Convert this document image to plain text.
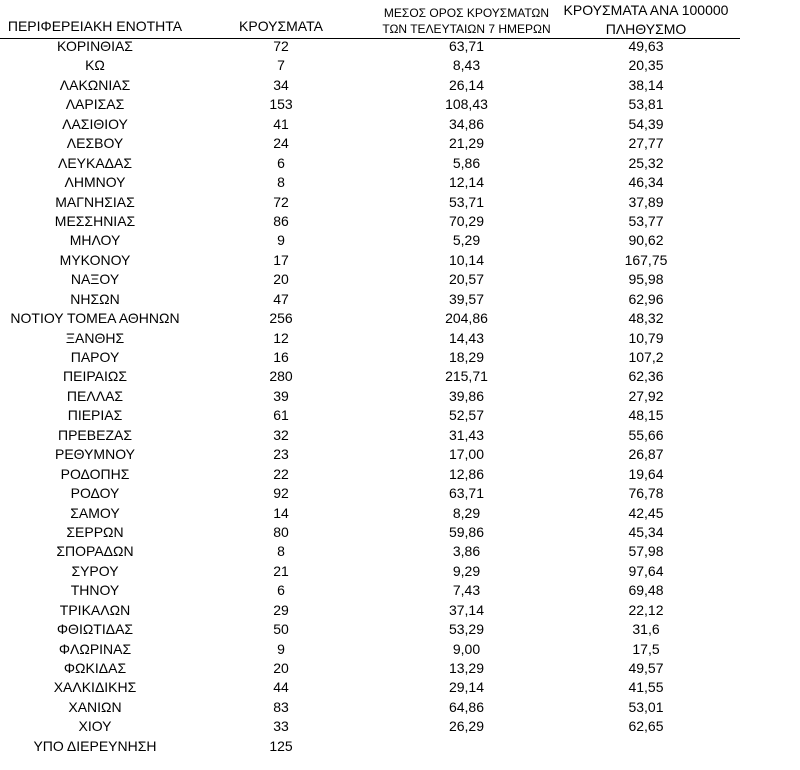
ΠΕΡΙΦΕΡΕΙΑΚΗ ΕΝΟΤΗΤΑ	ΚΡΟΥΣΜΑΤΑ
ΜΕΣΟΣ ΟΡΟΣ ΚΡΟΥΣΜΑΤΩΝ
ΤΩΝ ΤΕΛΕΥΤΑΙΩΝ 7 ΗΜΕΡΩΝ
ΚΡΟΥΣΜΑΤΑ ΑΝΑ 100000
ΠΛΗΘΥΣΜΟ
ΚΟΡΙΝΘΙΑΣ	72	63,71	49,63
ΚΩ	7	8,43	20,35
ΛΑΚΩΝΙΑΣ	34	26,14	38,14
ΛΑΡΙΣΑΣ	153	108,43	53,81
ΛΑΣΙΘΙΟΥ	41	34,86	54,39
ΛΕΣΒΟΥ	24	21,29	27,77
ΛΕΥΚΑΔΑΣ	6	5,86	25,32
ΛΗΜΝΟΥ	8	12,14	46,34
ΜΑΓΝΗΣΙΑΣ	72	53,71	37,89
ΜΕΣΣΗΝΙΑΣ	86	70,29	53,77
ΜΗΛΟΥ	9	5,29	90,62
ΜΥΚΟΝΟΥ	17	10,14	167,75
ΝΑΞΟΥ	20	20,57	95,98
ΝΗΣΩΝ	47	39,57	62,96
ΝΟΤΙΟΥ ΤΟΜΕΑ ΑΘΗΝΩΝ	256	204,86	48,32
ΞΑΝΘΗΣ	12	14,43	10,79
ΠΑΡΟΥ	16	18,29	107,2
ΠΕΙΡΑΙΩΣ	280	215,71	62,36
ΠΕΛΛΑΣ	39	39,86	27,92
ΠΙΕΡΙΑΣ	61	52,57	48,15
ΠΡΕΒΕΖΑΣ	32	31,43	55,66
ΡΕΘΥΜΝΟΥ	23	17,00	26,87
ΡΟΔΟΠΗΣ	22	12,86	19,64
ΡΟΔΟΥ	92	63,71	76,78
ΣΑΜΟΥ	14	8,29	42,45
ΣΕΡΡΩΝ	80	59,86	45,34
ΣΠΟΡΑΔΩΝ	8	3,86	57,98
ΣΥΡΟΥ	21	9,29	97,64
ΤΗΝΟΥ	6	7,43	69,48
ΤΡΙΚΑΛΩΝ	29	37,14	22,12
ΦΘΙΩΤΙΔΑΣ	50	53,29	31,6
ΦΛΩΡΙΝΑΣ	9	9,00	17,5
ΦΩΚΙΔΑΣ	20	13,29	49,57
ΧΑΛΚΙΔΙΚΗΣ	44	29,14	41,55
ΧΑΝΙΩΝ	83	64,86	53,01
ΧΙΟΥ	33	26,29	62,65
ΥΠΟ ΔΙΕΡΕΥΝΗΣΗ	125
